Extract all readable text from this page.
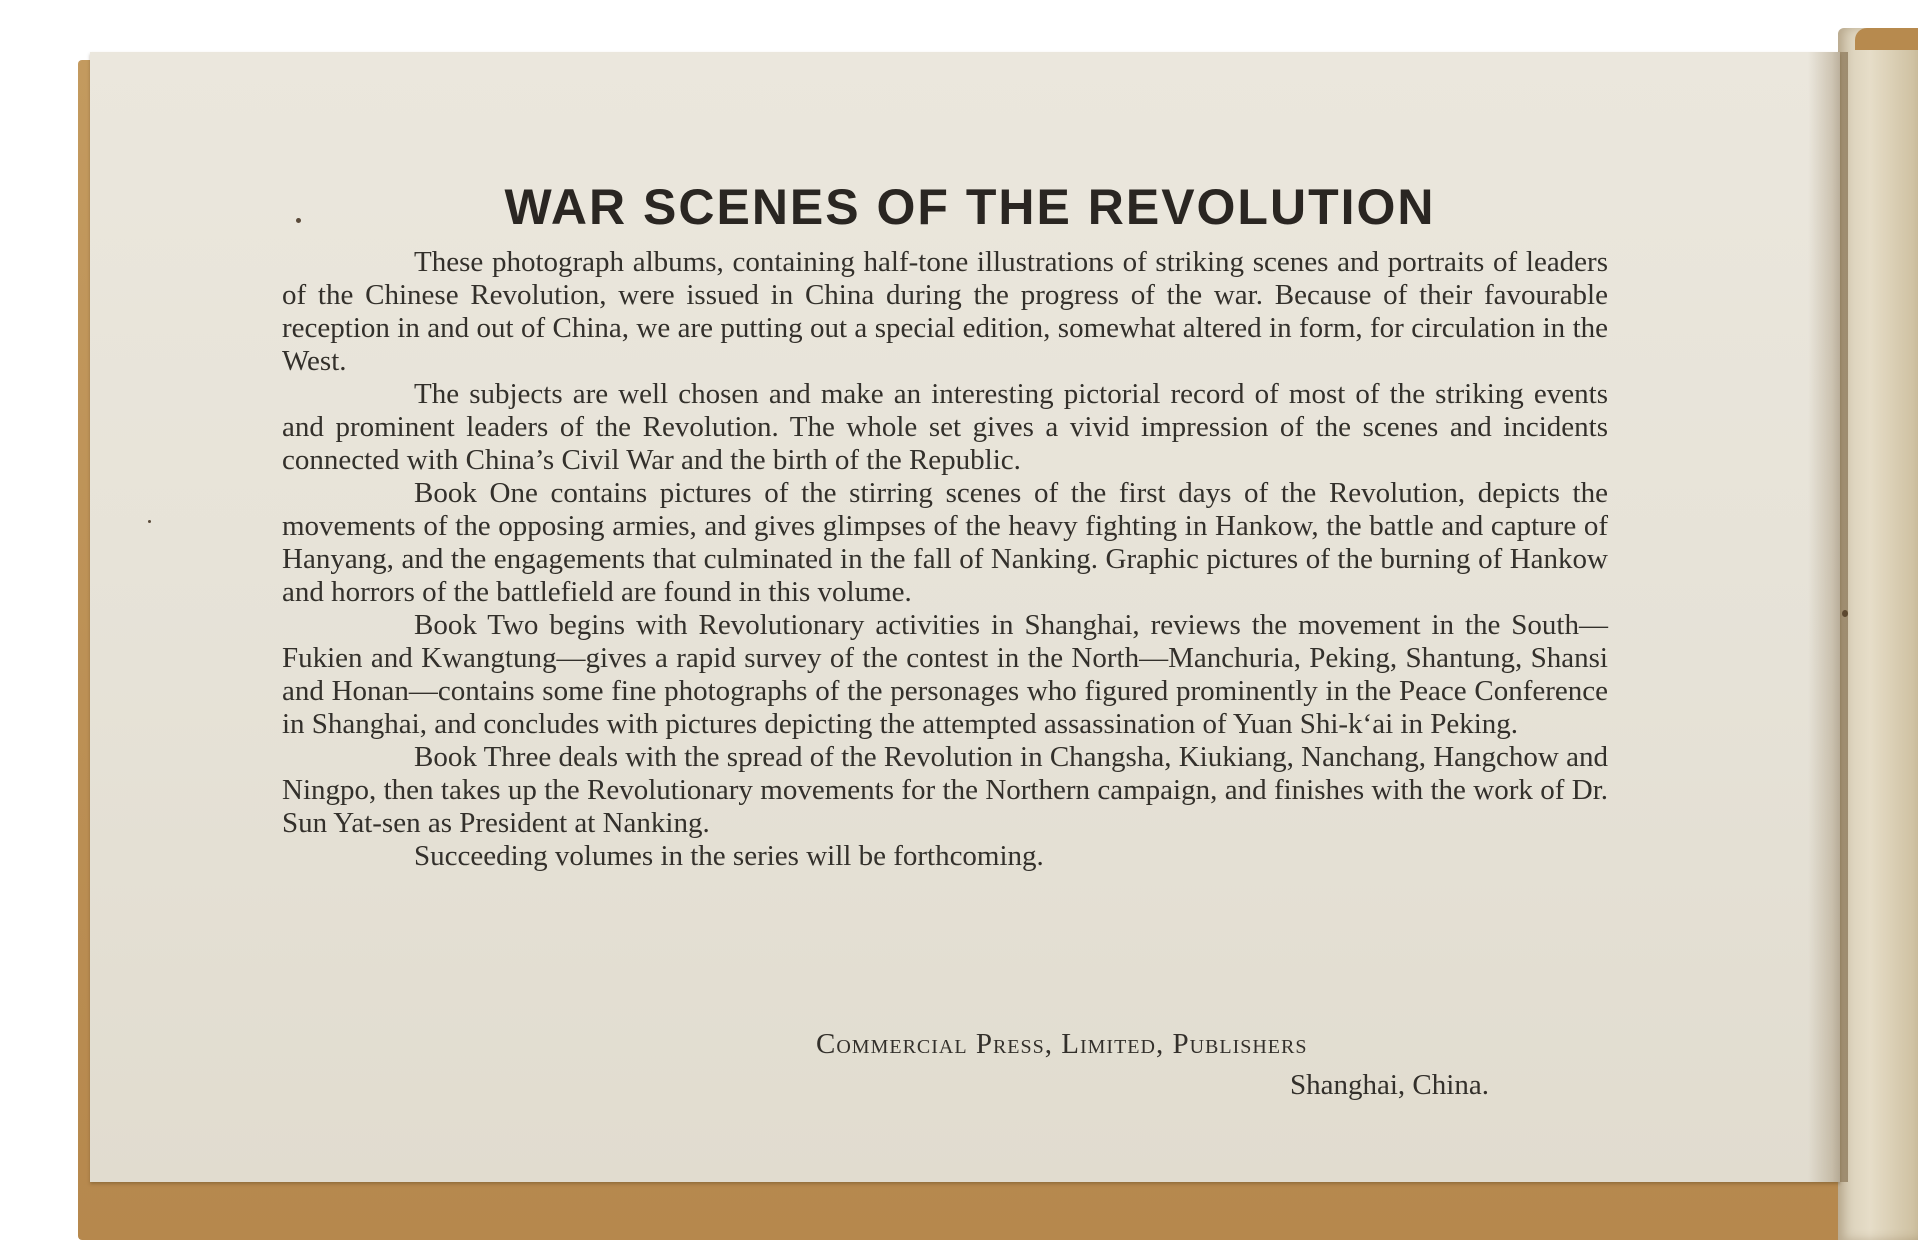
WAR SCENES OF THE REVOLUTION

These photograph albums, containing half-tone illustrations of striking scenes and portraits of leaders of the Chinese Revolution, were issued in China during the progress of the war. Because of their favourable reception in and out of China, we are putting out a special edition, somewhat altered in form, for circulation in the West.

The subjects are well chosen and make an interesting pictorial record of most of the striking events and prominent leaders of the Revolution. The whole set gives a vivid impression of the scenes and incidents connected with China’s Civil War and the birth of the Republic.

Book One contains pictures of the stirring scenes of the first days of the Revolution, depicts the movements of the opposing armies, and gives glimpses of the heavy fighting in Hankow, the battle and capture of Hanyang, and the engagements that culminated in the fall of Nanking. Graphic pictures of the burning of Hankow and horrors of the battlefield are found in this volume.

Book Two begins with Revolutionary activities in Shanghai, reviews the movement in the South—Fukien and Kwangtung—gives a rapid survey of the contest in the North—Manchuria, Peking, Shantung, Shansi and Honan—contains some fine photographs of the personages who figured prominently in the Peace Conference in Shanghai, and concludes with pictures depicting the attempted assassination of Yuan Shi-k‘ai in Peking.

Book Three deals with the spread of the Revolution in Changsha, Kiukiang, Nanchang, Hangchow and Ningpo, then takes up the Revolutionary movements for the Northern campaign, and finishes with the work of Dr. Sun Yat-sen as President at Nanking.

Succeeding volumes in the series will be forthcoming.

Commercial Press, Limited, Publishers
Shanghai, China.
